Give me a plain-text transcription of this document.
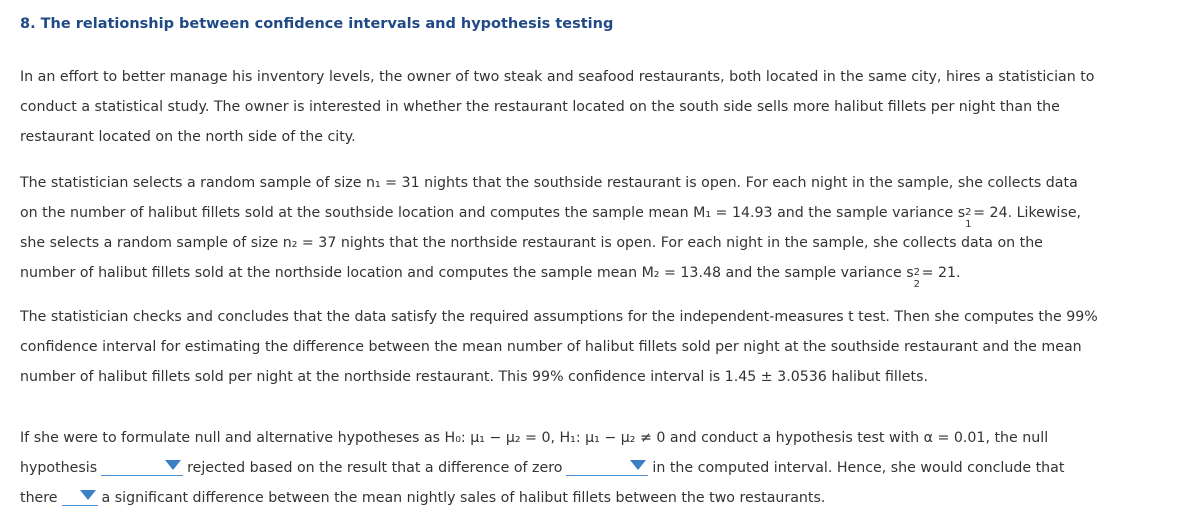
8. The relationship between confidence intervals and hypothesis testing
In an effort to better manage his inventory levels, the owner of two steak and seafood restaurants, both located in the same city, hires a statistician to
conduct a statistical study. The owner is interested in whether the restaurant located on the south side sells more halibut fillets per night than the
restaurant located on the north side of the city.
The statistician selects a random sample of size n₁ = 31 nights that the southside restaurant is open. For each night in the sample, she collects data
on the number of halibut fillets sold at the southside location and computes the sample mean M₁ = 14.93 and the sample variance s 2
1
= 24. Likewise,
she selects a random sample of size n₂ = 37 nights that the northside restaurant is open. For each night in the sample, she collects data on the
number of halibut fillets sold at the northside location and computes the sample mean M₂ = 13.48 and the sample variance s 2
2
= 21.
The statistician checks and concludes that the data satisfy the required assumptions for the independent-measures t test. Then she computes the 99%
confidence interval for estimating the difference between the mean number of halibut fillets sold per night at the southside restaurant and the mean
number of halibut fillets sold per night at the northside restaurant. This 99% confidence interval is 1.45 ± 3.0536 halibut fillets.
If she were to formulate null and alternative hypotheses as H₀: μ₁ − μ₂ = 0, H₁: μ₁ − μ₂ ≠ 0 and conduct a hypothesis test with α = 0.01, the null
hypothesis	rejected based on the result that a difference of zero	in the computed interval. Hence, she would conclude that
there	a significant difference between the mean nightly sales of halibut fillets between the two restaurants.
